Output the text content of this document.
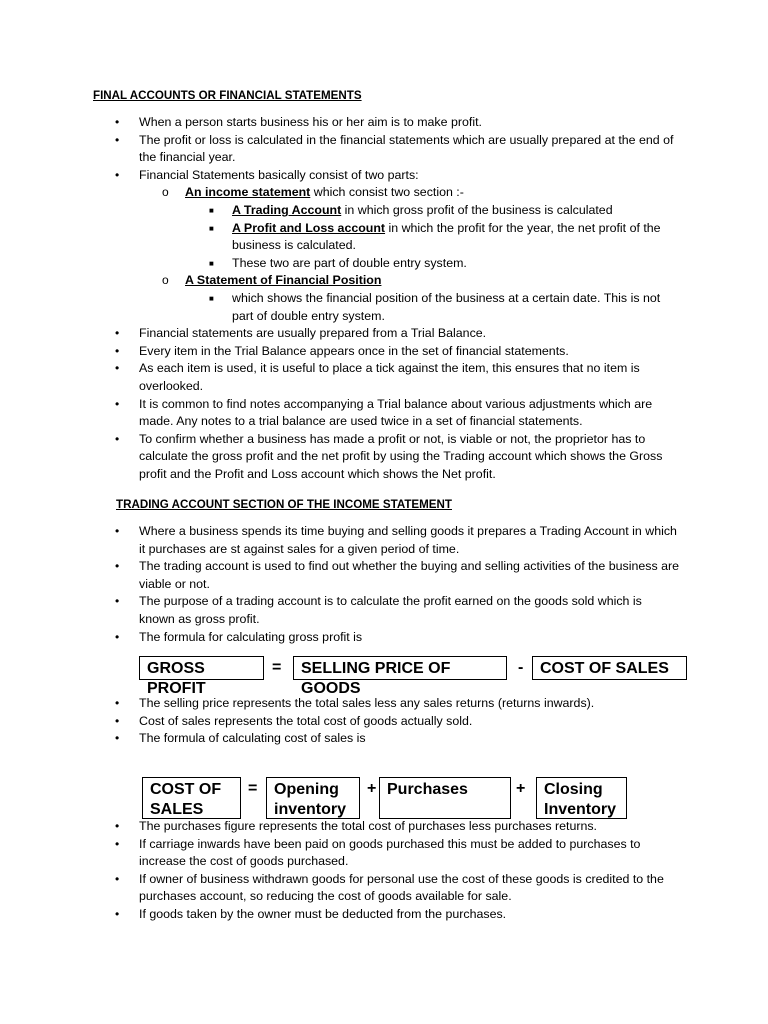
FINAL ACCOUNTS OR FINANCIAL STATEMENTS
• When a person starts business his or her aim is to make profit.
• The profit or loss is calculated in the financial statements which are usually prepared at the end of the financial year.
• Financial Statements basically consist of two parts:
o An income statement which consist two section :-
■ A Trading Account in which gross profit of the business is calculated
■ A Profit and Loss account in which the profit for the year, the net profit of the business is calculated.
■ These two are part of double entry system.
o A Statement of Financial Position
■ which shows the financial position of the business at a certain date. This is not part of double entry system.
• Financial statements are usually prepared from a Trial Balance.
• Every item in the Trial Balance appears once in the set of financial statements.
• As each item is used, it is useful to place a tick against the item, this ensures that no item is overlooked.
• It is common to find notes accompanying a Trial balance about various adjustments which are made. Any notes to a trial balance are used twice in a set of financial statements.
• To confirm whether a business has made a profit or not, is viable or not, the proprietor has to calculate the gross profit and the net profit by using the Trading account which shows the Gross profit and the Profit and Loss account which shows the Net profit.
TRADING ACCOUNT SECTION OF THE INCOME STATEMENT
• Where a business spends its time buying and selling goods it prepares a Trading Account in which it purchases are st against sales for a given period of time.
• The trading account is used to find out whether the buying and selling activities of the business are viable or not.
• The purpose of a trading account is to calculate the profit earned on the goods sold which is known as gross profit.
• The formula for calculating gross profit is
GROSS PROFIT
=	SELLING PRICE OF GOODS
-	COST OF SALES
• The selling price represents the total sales less any sales returns (returns inwards).
• Cost of sales represents the total cost of goods actually sold.
• The formula of calculating cost of sales is
COST OF
SALES
= Opening
inventory
+ Purchases	+ Closing
Inventory
• The purchases figure represents the total cost of purchases less purchases returns.
• If carriage inwards have been paid on goods purchased this must be added to purchases to increase the cost of goods purchased.
• If owner of business withdrawn goods for personal use the cost of these goods is credited to the purchases account, so reducing the cost of goods available for sale.
• If goods taken by the owner must be deducted from the purchases.
